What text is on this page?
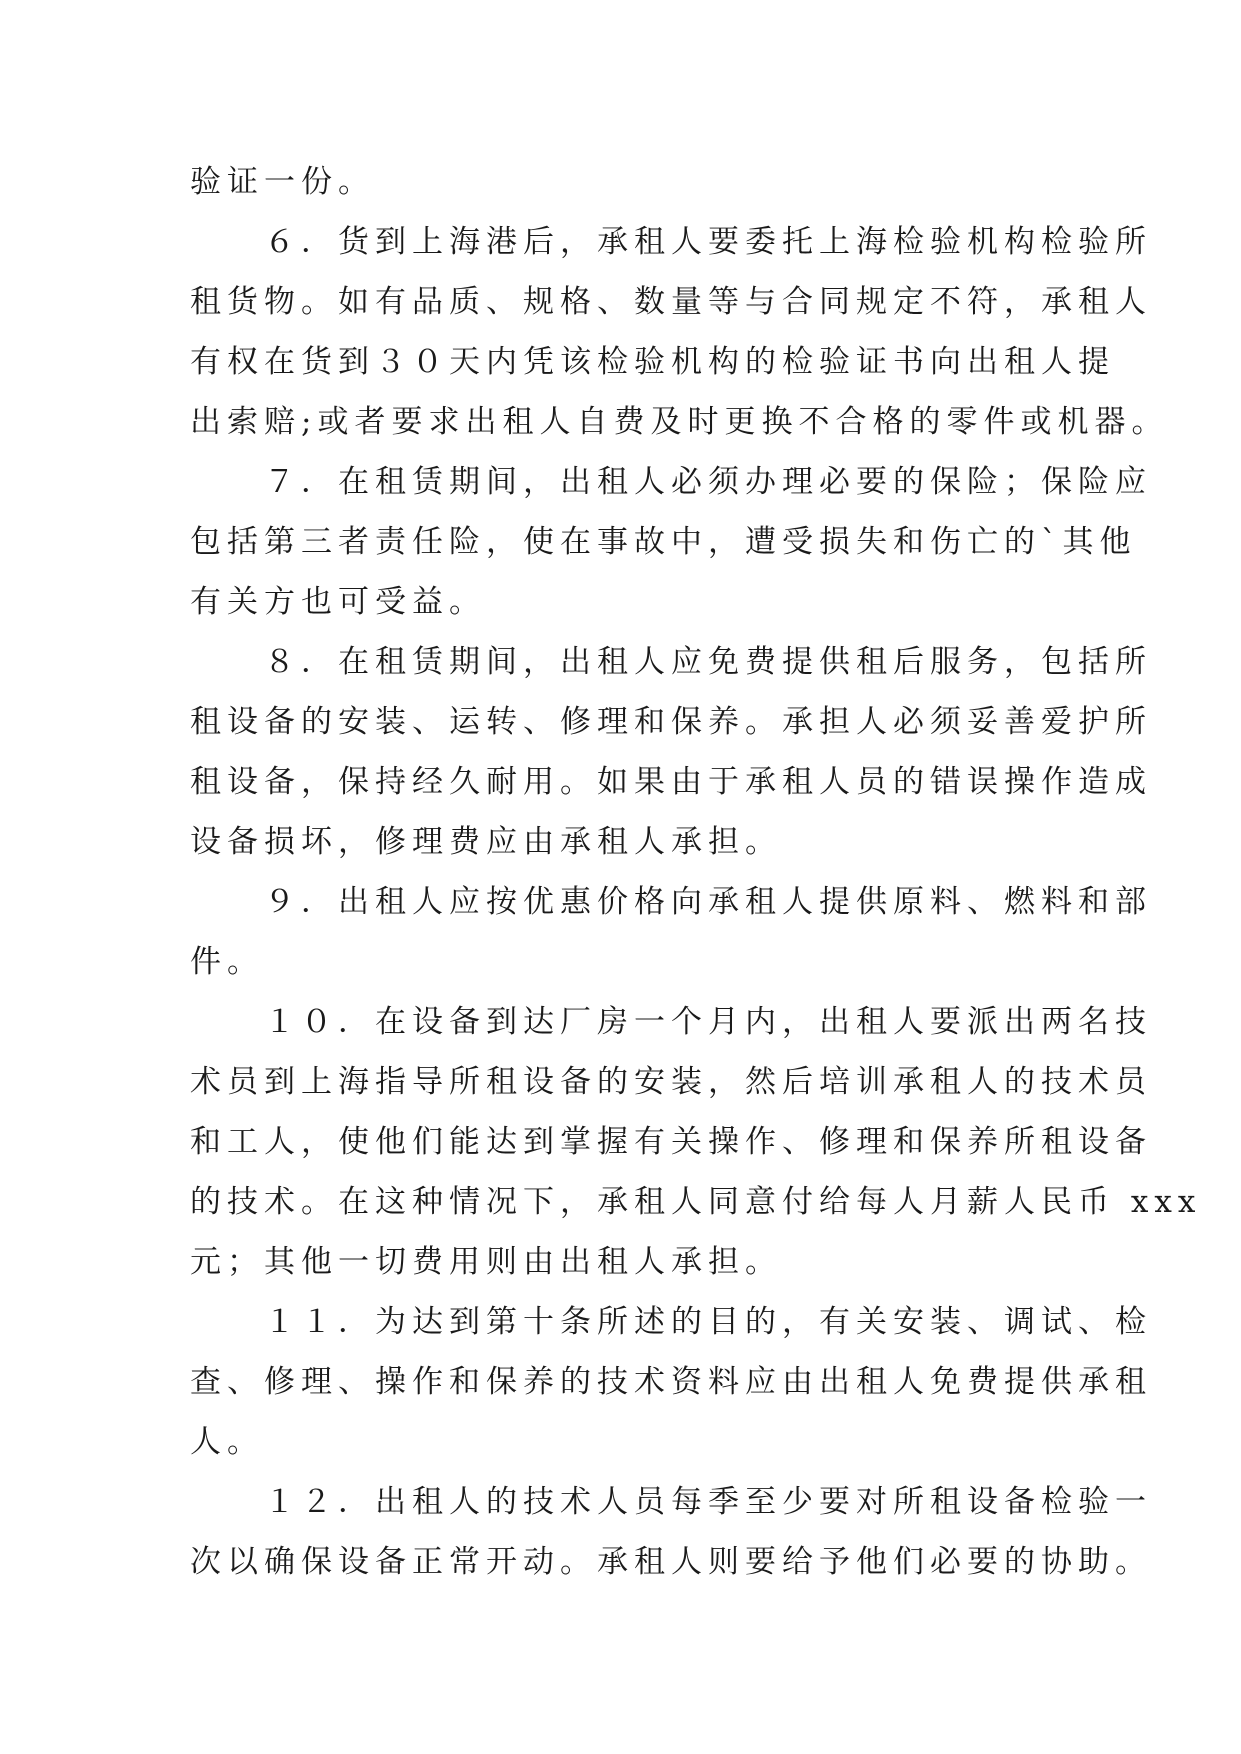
验证一份。
６．货到上海港后，承租人要委托上海检验机构检验所
租货物。如有品质、规格、数量等与合同规定不符，承租人
有权在货到３０天内凭该检验机构的检验证书向出租人提
出索赔;或者要求出租人自费及时更换不合格的零件或机器。
７．在租赁期间，出租人必须办理必要的保险；保险应
包括第三者责任险，使在事故中，遭受损失和伤亡的`其他
有关方也可受益。
８．在租赁期间，出租人应免费提供租后服务，包括所
租设备的安装、运转、修理和保养。承担人必须妥善爱护所
租设备，保持经久耐用。如果由于承租人员的错误操作造成
设备损坏，修理费应由承租人承担。
９．出租人应按优惠价格向承租人提供原料、燃料和部
件。
１０．在设备到达厂房一个月内，出租人要派出两名技
术员到上海指导所租设备的安装，然后培训承租人的技术员
和工人，使他们能达到掌握有关操作、修理和保养所租设备
的技术。在这种情况下，承租人同意付给每人月薪人民币 xxx
元；其他一切费用则由出租人承担。
１１．为达到第十条所述的目的，有关安装、调试、检
查、修理、操作和保养的技术资料应由出租人免费提供承租
人。
１２．出租人的技术人员每季至少要对所租设备检验一
次以确保设备正常开动。承租人则要给予他们必要的协助。
